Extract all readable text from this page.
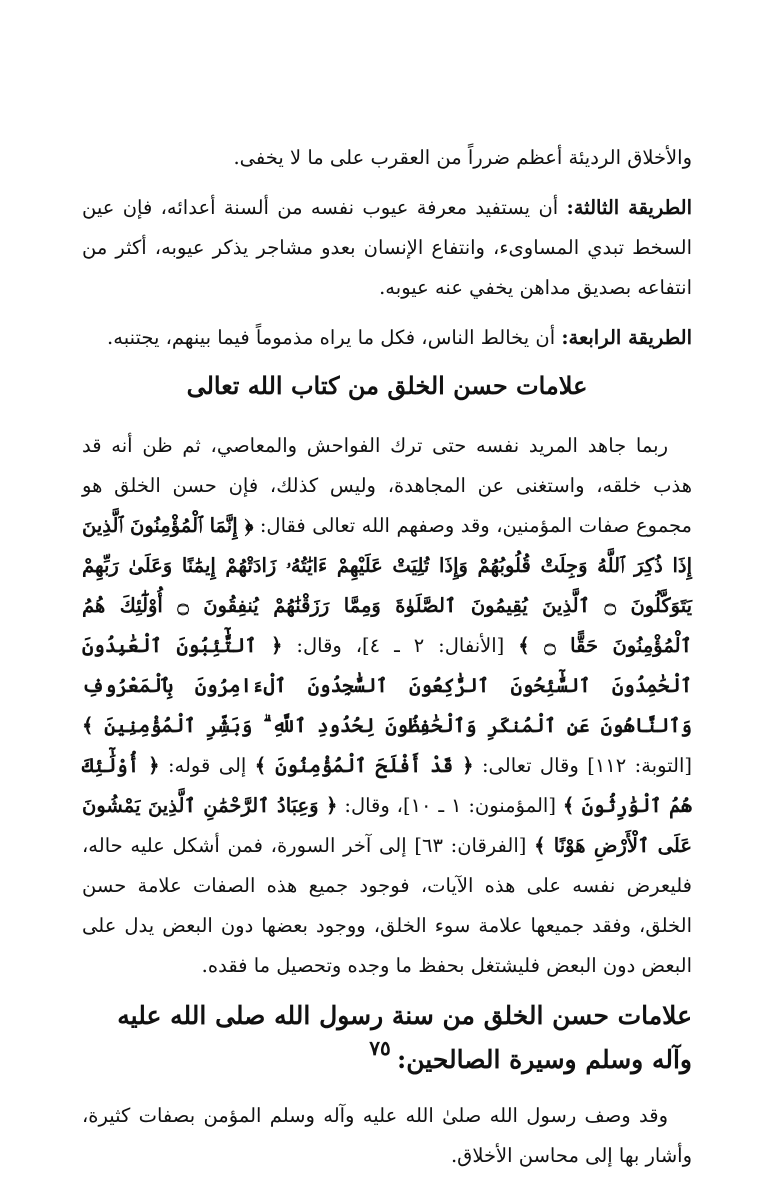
والأخلاق الرديئة أعظم ضرراً من العقرب على ما لا يخفى.

الطريقة الثالثة: أن يستفيد معرفة عيوب نفسه من ألسنة أعدائه، فإن عين السخط تبدي المساوىء، وانتفاع الإنسان بعدو مشاجر يذكر عيوبه، أكثر من انتفاعه بصديق مداهن يخفي عنه عيوبه.

الطريقة الرابعة: أن يخالط الناس، فكل ما يراه مذموماً فيما بينهم، يجتنبه.

علامات حسن الخلق من كتاب الله تعالى

ربما جاهد المريد نفسه حتى ترك الفواحش والمعاصي، ثم ظن أنه قد هذب خلقه، واستغنى عن المجاهدة، وليس كذلك، فإن حسن الخلق هو مجموع صفات المؤمنين، وقد وصفهم الله تعالى فقال: ﴿ إِنَّمَا ٱلْمُؤْمِنُونَ ٱلَّذِينَ إِذَا ذُكِرَ ٱللَّهُ وَجِلَتْ قُلُوبُهُمْ وَإِذَا تُلِيَتْ عَلَيْهِمْ ءَايَٰتُهُۥ زَادَتْهُمْ إِيمَٰنًا وَعَلَىٰ رَبِّهِمْ يَتَوَكَّلُونَ ۝ ٱلَّذِينَ يُقِيمُونَ ٱلصَّلَوٰةَ وَمِمَّا رَزَقْنَٰهُمْ يُنفِقُونَ ۝ أُوْلَٰٓئِكَ هُمُ ٱلْمُؤْمِنُونَ حَقًّا ۝ ﴾ [الأنفال: ٢ ـ ٤]، وقال: ﴿ ٱلتَّٰٓئِبُونَ ٱلْعَٰبِدُونَ ٱلْحَٰمِدُونَ ٱلسَّٰٓئِحُونَ ٱلرَّٰكِعُونَ ٱلسَّٰجِدُونَ ٱلْءَامِرُونَ بِٱلْمَعْرُوفِ وَٱلنَّاهُونَ عَنِ ٱلْمُنكَرِ وَٱلْحَٰفِظُونَ لِحُدُودِ ٱللَّهِ ۗ وَبَشِّرِ ٱلْمُؤْمِنِينَ ﴾ [التوبة: ١١٢] وقال تعالى: ﴿ قَدْ أَفْلَحَ ٱلْمُؤْمِنُونَ ﴾ إلى قوله: ﴿ أُوْلَٰٓئِكَ هُمُ ٱلْوَٰرِثُونَ ﴾ [المؤمنون: ١ ـ ١٠]، وقال: ﴿ وَعِبَادُ ٱلرَّحْمَٰنِ ٱلَّذِينَ يَمْشُونَ عَلَى ٱلْأَرْضِ هَوْنًا ﴾ [الفرقان: ٦٣] إلى آخر السورة، فمن أشكل عليه حاله، فليعرض نفسه على هذه الآيات، فوجود جميع هذه الصفات علامة حسن الخلق، وفقد جميعها علامة سوء الخلق، ووجود بعضها دون البعض يدل على البعض دون البعض فليشتغل بحفظ ما وجده وتحصيل ما فقده.

علامات حسن الخلق من سنة رسول الله صلى الله عليه وآله وسلم وسيرة الصالحين:

وقد وصف رسول الله صلىٰ الله عليه وآله وسلم المؤمن بصفات كثيرة، وأشار بها إلى محاسن الأخلاق.

٧٥
